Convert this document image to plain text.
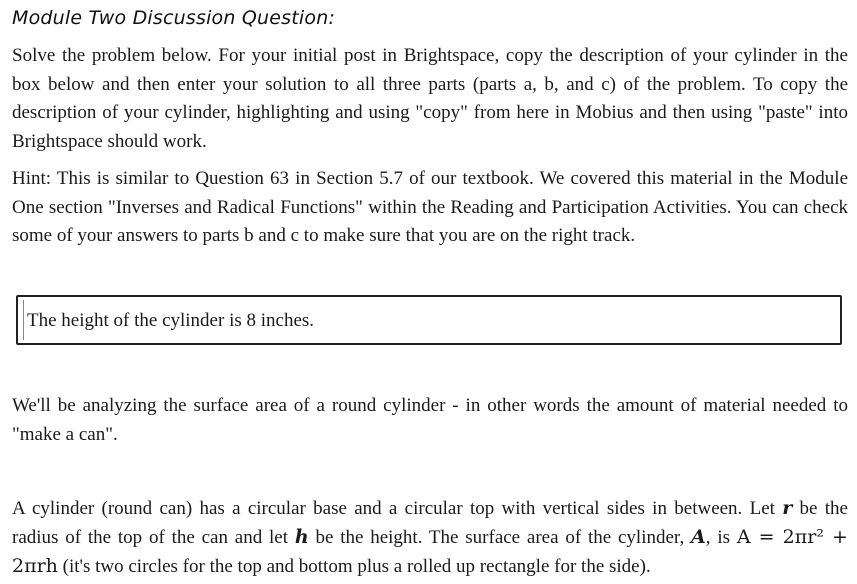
Module Two Discussion Question:
Solve the problem below. For your initial post in Brightspace, copy the description of your cylinder in the box below and then enter your solution to all three parts (parts a, b, and c) of the problem. To copy the description of your cylinder, highlighting and using "copy" from here in Mobius and then using "paste" into Brightspace should work.
Hint: This is similar to Question 63 in Section 5.7 of our textbook. We covered this material in the Module One section "Inverses and Radical Functions" within the Reading and Participation Activities. You can check some of your answers to parts b and c to make sure that you are on the right track.
The height of the cylinder is 8 inches.
We'll be analyzing the surface area of a round cylinder - in other words the amount of material needed to "make a can".
A cylinder (round can) has a circular base and a circular top with vertical sides in between. Let r be the radius of the top of the can and let h be the height. The surface area of the cylinder, A, is A = 2πr² + 2πrh (it's two circles for the top and bottom plus a rolled up rectangle for the side).
